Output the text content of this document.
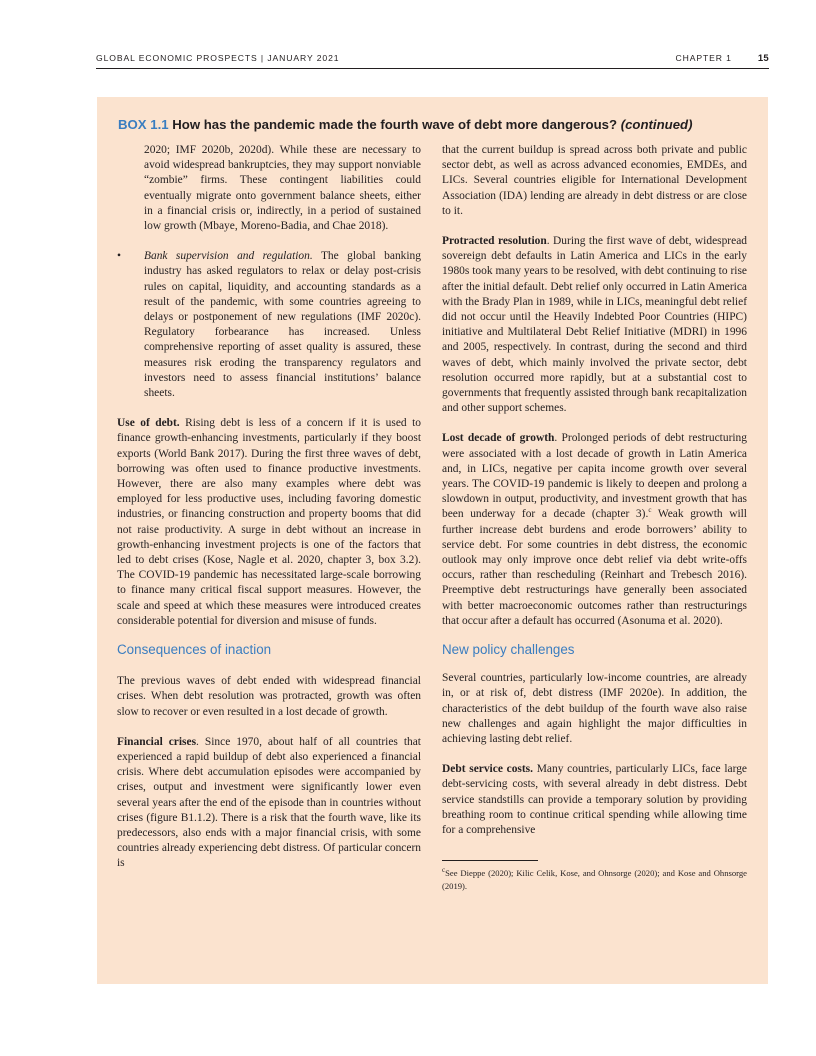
GLOBAL ECONOMIC PROSPECTS | JANUARY 2021	CHAPTER 1	15
BOX 1.1 How has the pandemic made the fourth wave of debt more dangerous? (continued)

2020; IMF 2020b, 2020d). While these are necessary to avoid widespread bankruptcies, they may support nonviable “zombie” firms. These contingent liabilities could eventually migrate onto government balance sheets, either in a financial crisis or, indirectly, in a period of sustained low growth (Mbaye, Moreno-Badia, and Chae 2018).

• Bank supervision and regulation. The global banking industry has asked regulators to relax or delay post-crisis rules on capital, liquidity, and accounting standards as a result of the pandemic, with some countries agreeing to delays or postponement of new regulations (IMF 2020c). Regulatory forbearance has increased. Unless comprehensive reporting of asset quality is assured, these measures risk eroding the transparency regulators and investors need to assess financial institutions’ balance sheets.

Use of debt. Rising debt is less of a concern if it is used to finance growth-enhancing investments, particularly if they boost exports (World Bank 2017). During the first three waves of debt, borrowing was often used to finance productive investments. However, there are also many examples where debt was employed for less productive uses, including favoring domestic industries, or financing construction and property booms that did not raise productivity. A surge in debt without an increase in growth-enhancing investment projects is one of the factors that led to debt crises (Kose, Nagle et al. 2020, chapter 3, box 3.2). The COVID-19 pandemic has necessitated large-scale borrowing to finance many critical fiscal support measures. However, the scale and speed at which these measures were introduced creates considerable potential for diversion and misuse of funds.

Consequences of inaction

The previous waves of debt ended with widespread financial crises. When debt resolution was protracted, growth was often slow to recover or even resulted in a lost decade of growth.

Financial crises. Since 1970, about half of all countries that experienced a rapid buildup of debt also experienced a financial crisis. Where debt accumulation episodes were accompanied by crises, output and investment were significantly lower even several years after the end of the episode than in countries without crises (figure B1.1.2). There is a risk that the fourth wave, like its predecessors, also ends with a major financial crisis, with some countries already experiencing debt distress. Of particular concern is

that the current buildup is spread across both private and public sector debt, as well as across advanced economies, EMDEs, and LICs. Several countries eligible for International Development Association (IDA) lending are already in debt distress or are close to it.

Protracted resolution. During the first wave of debt, widespread sovereign debt defaults in Latin America and LICs in the early 1980s took many years to be resolved, with debt continuing to rise after the initial default. Debt relief only occurred in Latin America with the Brady Plan in 1989, while in LICs, meaningful debt relief did not occur until the Heavily Indebted Poor Countries (HIPC) initiative and Multilateral Debt Relief Initiative (MDRI) in 1996 and 2005, respectively. In contrast, during the second and third waves of debt, which mainly involved the private sector, debt resolution occurred more rapidly, but at a substantial cost to governments that frequently assisted through bank recapitalization and other support schemes.

Lost decade of growth. Prolonged periods of debt restructuring were associated with a lost decade of growth in Latin America and, in LICs, negative per capita income growth over several years. The COVID-19 pandemic is likely to deepen and prolong a slowdown in output, productivity, and investment growth that has been underway for a decade (chapter 3).$^c$ Weak growth will further increase debt burdens and erode borrowers’ ability to service debt. For some countries in debt distress, the economic outlook may only improve once debt relief via debt write-offs occurs, rather than rescheduling (Reinhart and Trebesch 2016). Preemptive debt restructurings have generally been associated with better macroeconomic outcomes rather than restructurings that occur after a default has occurred (Asonuma et al. 2020).

New policy challenges

Several countries, particularly low-income countries, are already in, or at risk of, debt distress (IMF 2020e). In addition, the characteristics of the debt buildup of the fourth wave also raise new challenges and again highlight the major difficulties in achieving lasting debt relief.

Debt service costs. Many countries, particularly LICs, face large debt-servicing costs, with several already in debt distress. Debt service standstills can provide a temporary solution by providing breathing room to continue critical spending while allowing time for a comprehensive

$^c$See Dieppe (2020); Kilic Celik, Kose, and Ohnsorge (2020); and Kose and Ohnsorge (2019).
